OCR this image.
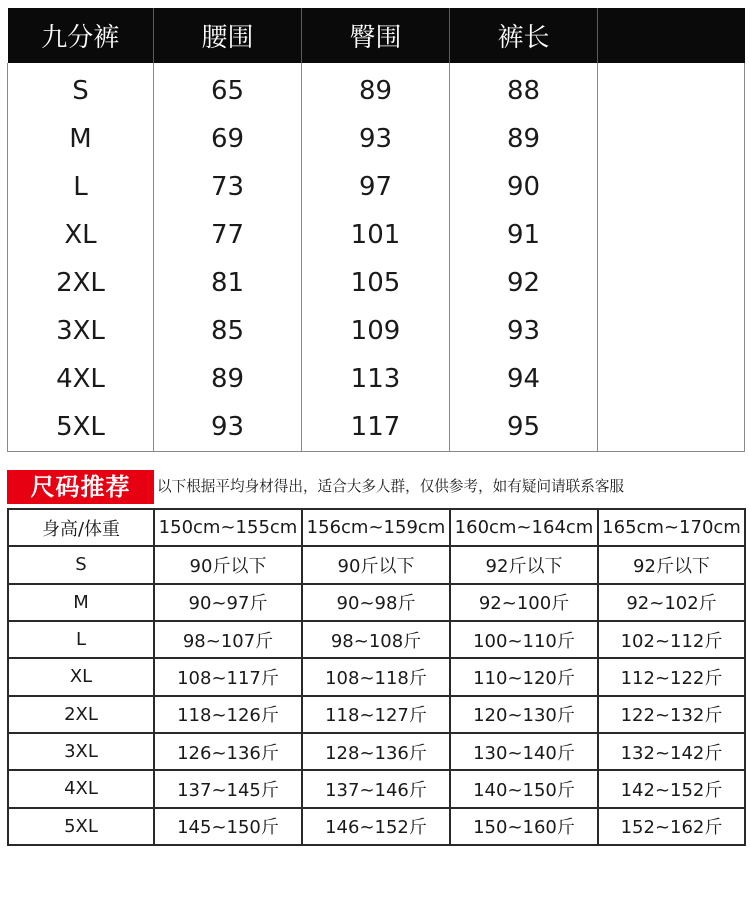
九分裤	腰围	臀围	裤长	
S	65	89	88	
M	69	93	89	
L	73	97	90	
XL	77	101	91	
2XL	81	105	92	
3XL	85	109	93	
4XL	89	113	94	
5XL	93	117	95	
尺码推荐	以下根据平均身材得出，适合大多人群，仅供参考，如有疑问请联系客服
身高/体重	150cm~155cm	156cm~159cm	160cm~164cm	165cm~170cm
S	90斤以下	90斤以下	92斤以下	92斤以下
M	90~97斤	90~98斤	92~100斤	92~102斤
L	98~107斤	98~108斤	100~110斤	102~112斤
XL	108~117斤	108~118斤	110~120斤	112~122斤
2XL	118~126斤	118~127斤	120~130斤	122~132斤
3XL	126~136斤	128~136斤	130~140斤	132~142斤
4XL	137~145斤	137~146斤	140~150斤	142~152斤
5XL	145~150斤	146~152斤	150~160斤	152~162斤
